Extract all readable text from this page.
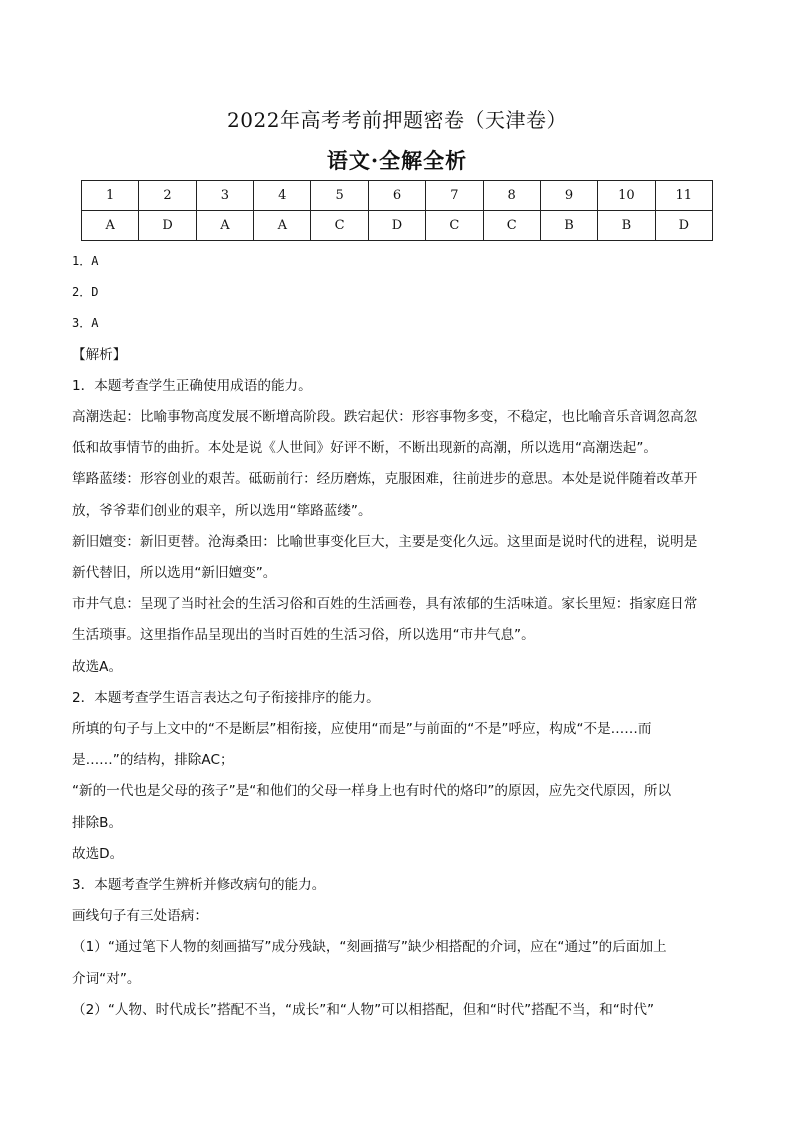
2022年高考考前押题密卷（天津卷）
语文·全解全析
1	2	3	4	5	6	7	8	9	10	11
A	D	A	A	C	D	C	C	B	B	D

1．A

2．D

3．A

【解析】

1．本题考查学生正确使用成语的能力。

高潮迭起：比喻事物高度发展不断增高阶段。跌宕起伏：形容事物多变，不稳定，也比喻音乐音调忽高忽

低和故事情节的曲折。本处是说《人世间》好评不断，不断出现新的高潮，所以选用“高潮迭起”。

筚路蓝缕：形容创业的艰苦。砥砺前行：经历磨炼，克服困难，往前进步的意思。本处是说伴随着改革开

放，爷爷辈们创业的艰辛，所以选用“筚路蓝缕”。

新旧嬗变：新旧更替。沧海桑田：比喻世事变化巨大，主要是变化久远。这里面是说时代的进程，说明是

新代替旧，所以选用“新旧嬗变”。

市井气息：呈现了当时社会的生活习俗和百姓的生活画卷，具有浓郁的生活味道。家长里短：指家庭日常

生活琐事。这里指作品呈现出的当时百姓的生活习俗，所以选用“市井气息”。

故选A。

2．本题考查学生语言表达之句子衔接排序的能力。

所填的句子与上文中的“不是断层”相衔接，应使用“而是”与前面的“不是”呼应，构成“不是……而

是……”的结构，排除AC；

“新的一代也是父母的孩子”是“和他们的父母一样身上也有时代的烙印”的原因，应先交代原因，所以

排除B。

故选D。

3．本题考查学生辨析并修改病句的能力。

画线句子有三处语病：

（1）“通过笔下人物的刻画描写”成分残缺，“刻画描写”缺少相搭配的介词，应在“通过”的后面加上

介词“对”。

（2）“人物、时代成长”搭配不当，“成长”和“人物”可以相搭配，但和“时代”搭配不当，和“时代”
